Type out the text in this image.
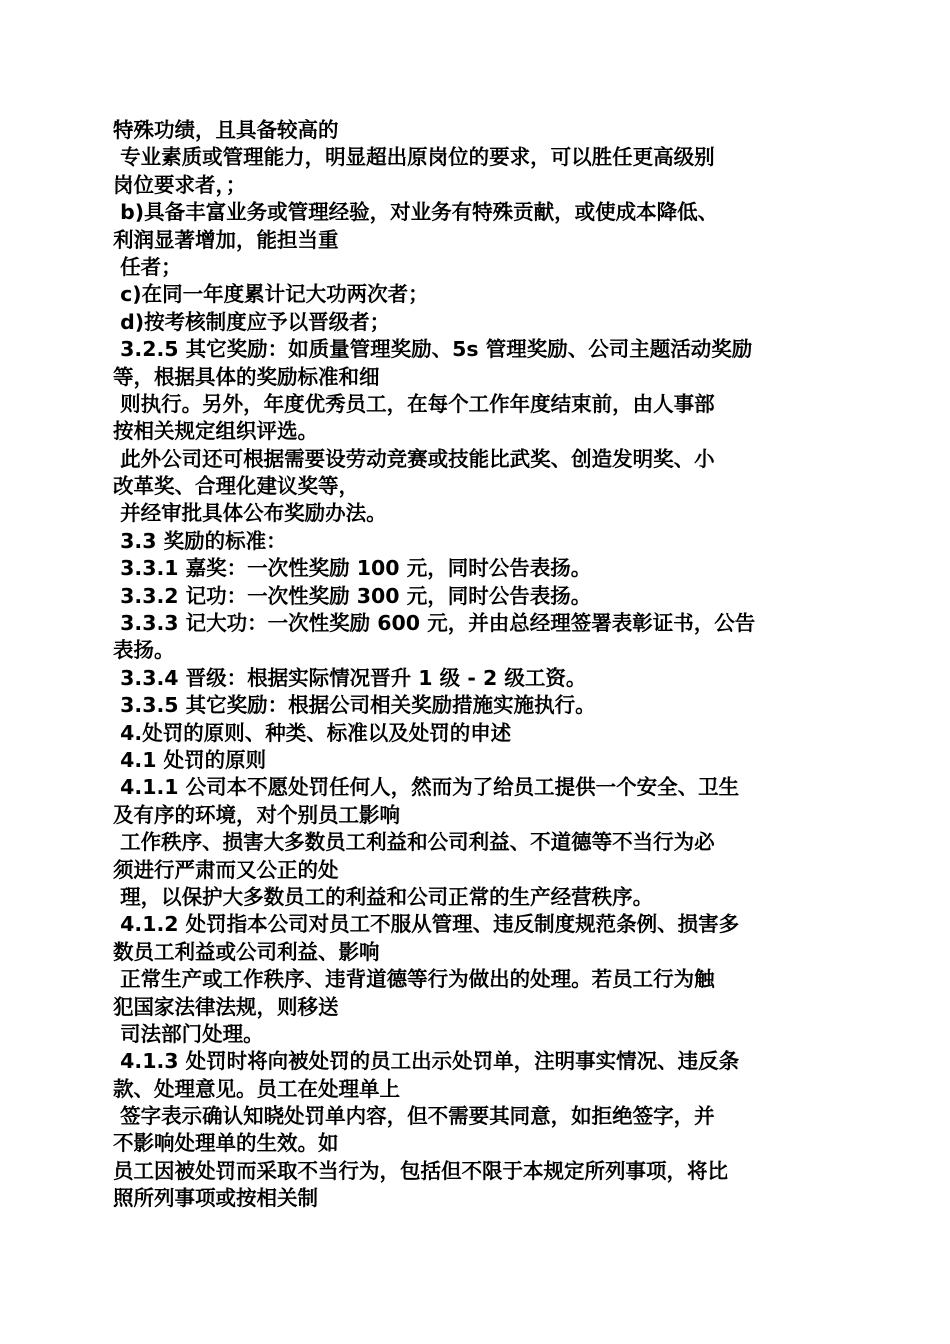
特殊功绩，且具备较高的
专业素质或管理能力，明显超出原岗位的要求，可以胜任更高级别
岗位要求者，；
b)具备丰富业务或管理经验，对业务有特殊贡献，或使成本降低、
利润显著增加，能担当重
任者；
c)在同一年度累计记大功两次者；
d)按考核制度应予以晋级者；
3.2.5 其它奖励：如质量管理奖励、5s 管理奖励、公司主题活动奖励
等，根据具体的奖励标准和细
则执行。另外，年度优秀员工，在每个工作年度结束前，由人事部
按相关规定组织评选。
此外公司还可根据需要设劳动竞赛或技能比武奖、创造发明奖、小
改革奖、合理化建议奖等，
并经审批具体公布奖励办法。
3.3 奖励的标准：
3.3.1 嘉奖：一次性奖励 100 元，同时公告表扬。
3.3.2 记功：一次性奖励 300 元，同时公告表扬。
3.3.3 记大功：一次性奖励 600 元，并由总经理签署表彰证书，公告
表扬。
3.3.4 晋级：根据实际情况晋升 1 级 - 2 级工资。
3.3.5 其它奖励：根据公司相关奖励措施实施执行。
4.处罚的原则、种类、标准以及处罚的申述
4.1 处罚的原则
4.1.1 公司本不愿处罚任何人，然而为了给员工提供一个安全、卫生
及有序的环境，对个别员工影响
工作秩序、损害大多数员工利益和公司利益、不道德等不当行为必
须进行严肃而又公正的处
理，以保护大多数员工的利益和公司正常的生产经营秩序。
4.1.2 处罚指本公司对员工不服从管理、违反制度规范条例、损害多
数员工利益或公司利益、影响
正常生产或工作秩序、违背道德等行为做出的处理。若员工行为触
犯国家法律法规，则移送
司法部门处理。
4.1.3 处罚时将向被处罚的员工出示处罚单，注明事实情况、违反条
款、处理意见。员工在处理单上
签字表示确认知晓处罚单内容，但不需要其同意，如拒绝签字，并
不影响处理单的生效。如
员工因被处罚而采取不当行为，包括但不限于本规定所列事项，将比
照所列事项或按相关制
